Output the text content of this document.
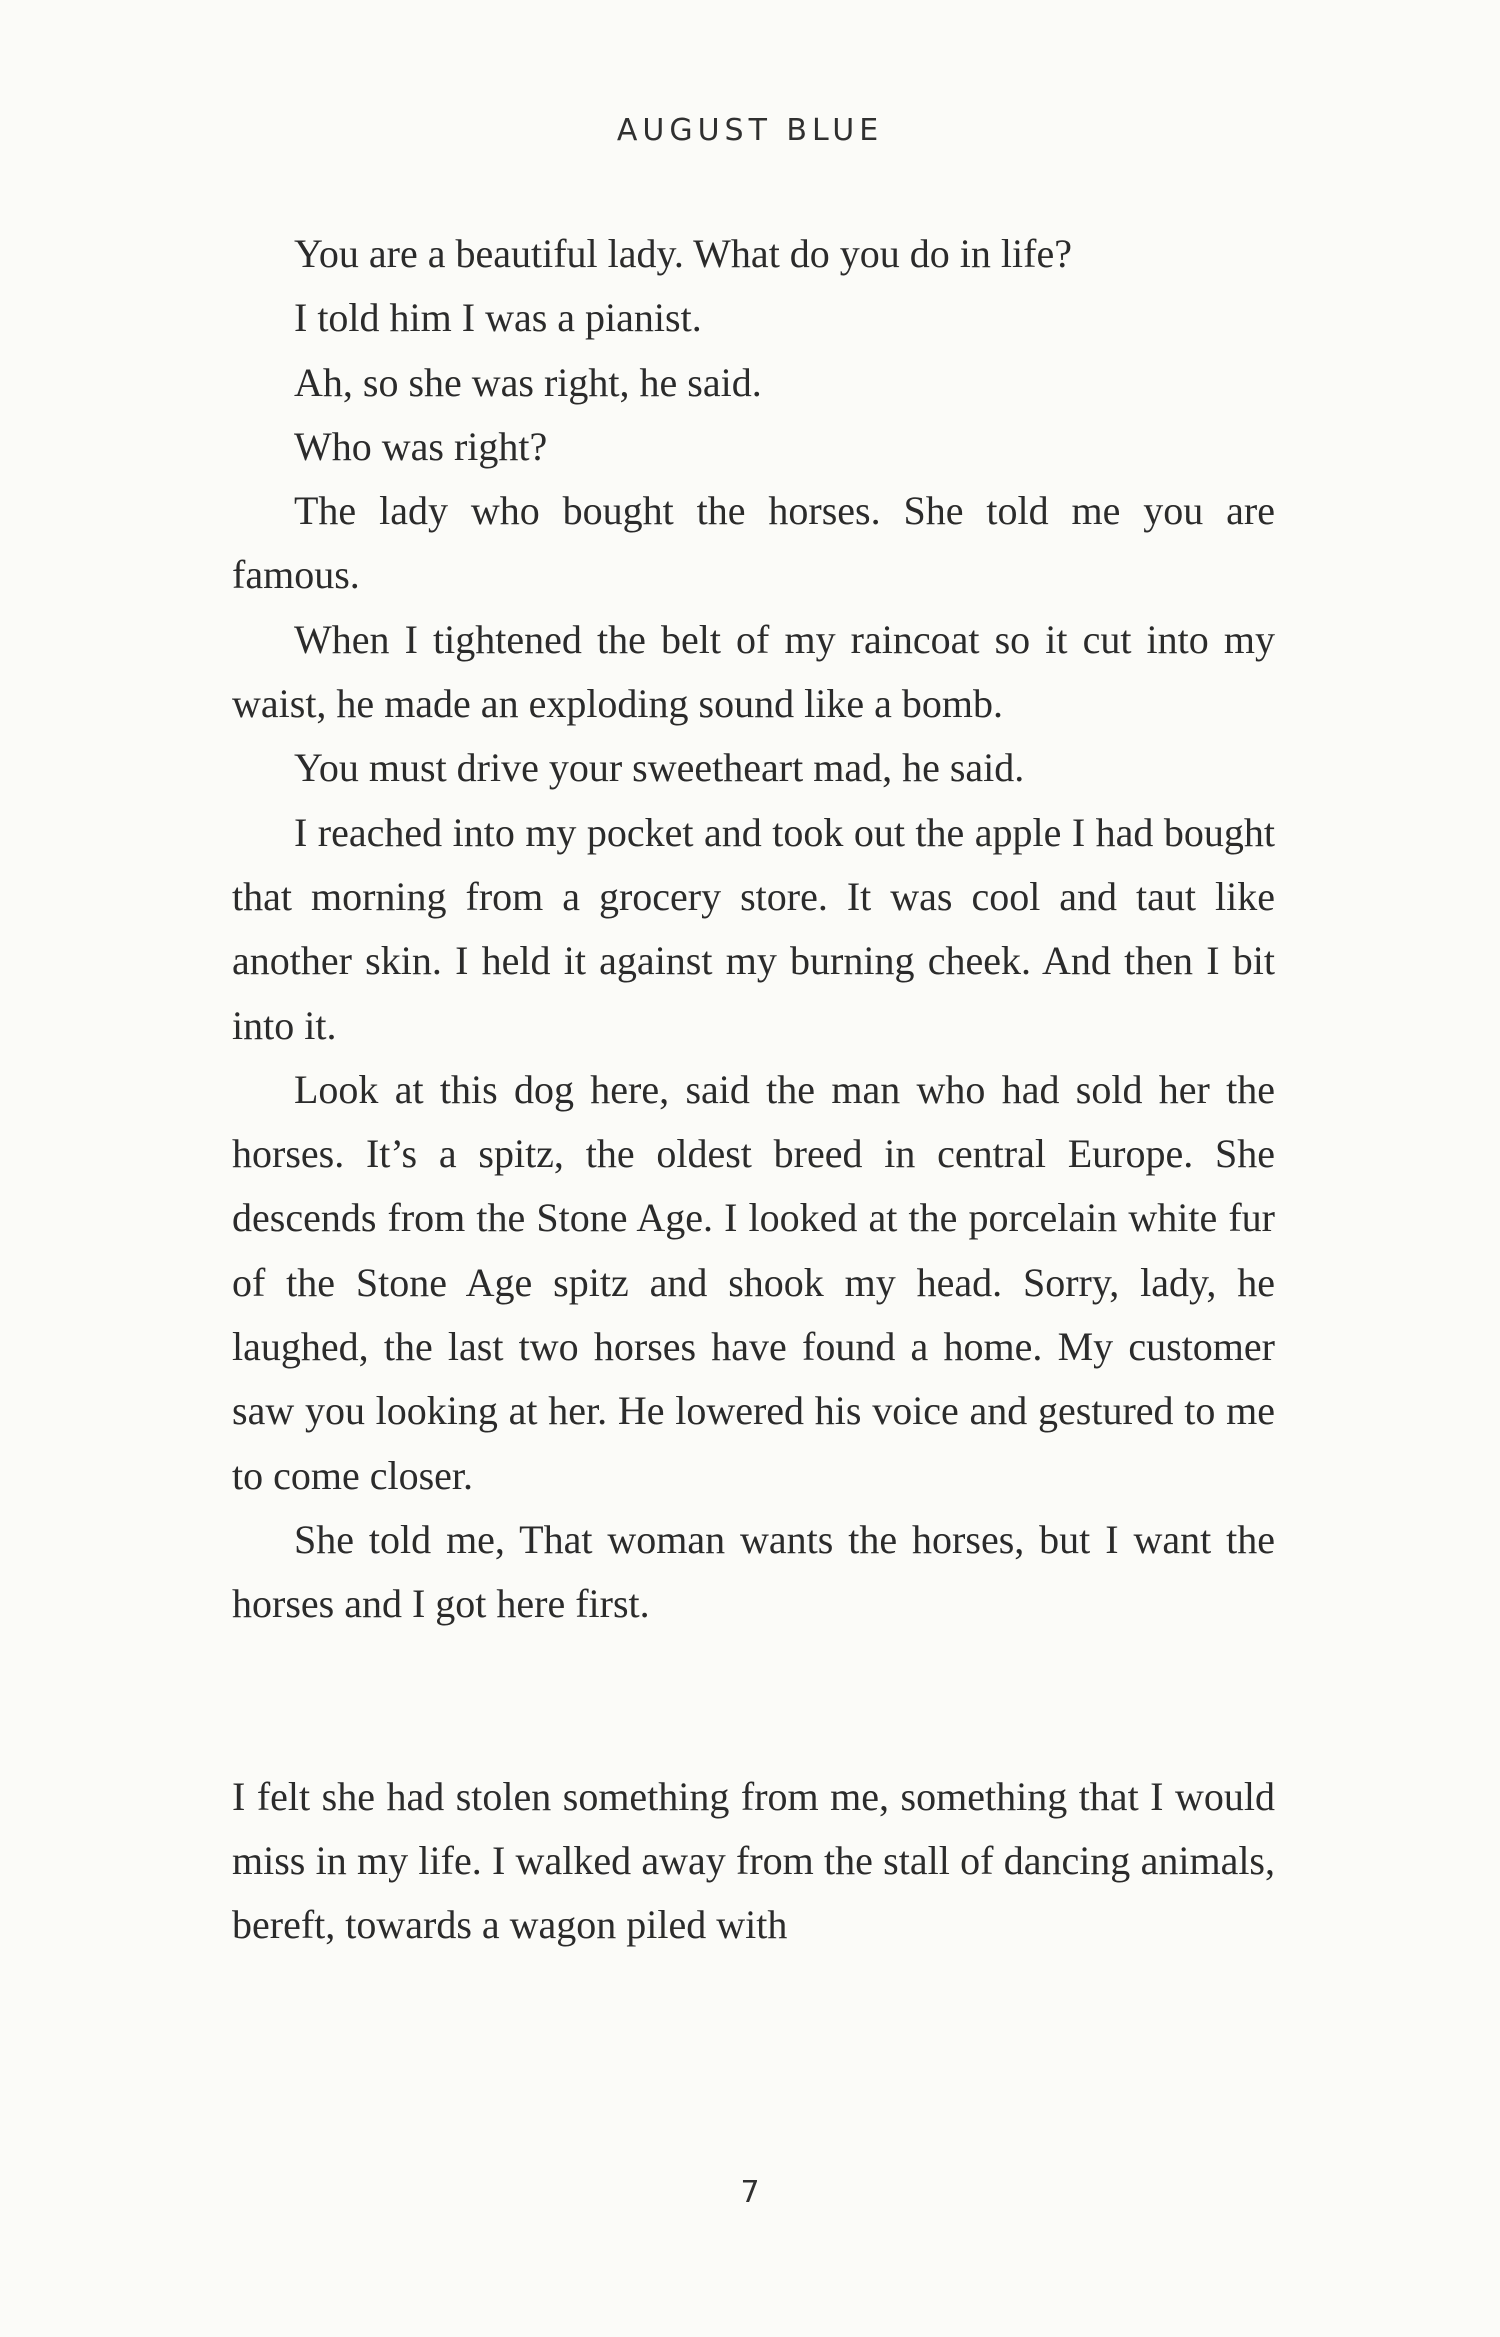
AUGUST BLUE

You are a beautiful lady. What do you do in life?

I told him I was a pianist.

Ah, so she was right, he said.

Who was right?

The lady who bought the horses. She told me you are famous.

When I tightened the belt of my raincoat so it cut into my waist, he made an exploding sound like a bomb.

You must drive your sweetheart mad, he said.

I reached into my pocket and took out the apple I had bought that morning from a grocery store. It was cool and taut like another skin. I held it against my burning cheek. And then I bit into it.

Look at this dog here, said the man who had sold her the horses. It’s a spitz, the oldest breed in central Europe. She descends from the Stone Age. I looked at the porcelain white fur of the Stone Age spitz and shook my head. Sorry, lady, he laughed, the last two horses have found a home. My customer saw you looking at her. He lowered his voice and gestured to me to come closer.

She told me, That woman wants the horses, but I want the horses and I got here first.

I felt she had stolen something from me, something that I would miss in my life. I walked away from the stall of dancing animals, bereft, towards a wagon piled with

7
